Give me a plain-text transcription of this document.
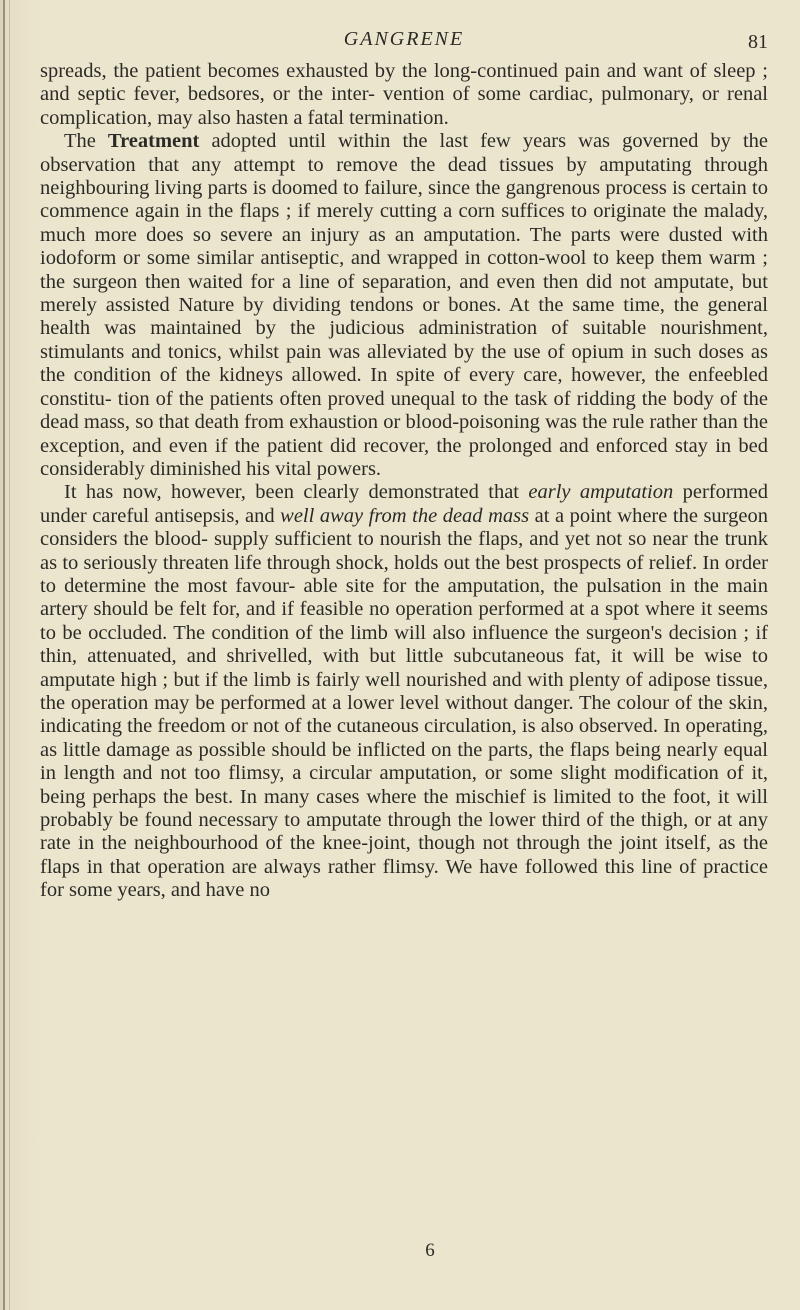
GANGRENE	81

spreads, the patient becomes exhausted by the long-continued pain and want of sleep ; and septic fever, bedsores, or the inter- vention of some cardiac, pulmonary, or renal complication, may also hasten a fatal termination.

The Treatment adopted until within the last few years was governed by the observation that any attempt to remove the dead tissues by amputating through neighbouring living parts is doomed to failure, since the gangrenous process is certain to commence again in the flaps ; if merely cutting a corn suffices to originate the malady, much more does so severe an injury as an amputation. The parts were dusted with iodoform or some similar antiseptic, and wrapped in cotton-wool to keep them warm ; the surgeon then waited for a line of separation, and even then did not amputate, but merely assisted Nature by dividing tendons or bones. At the same time, the general health was maintained by the judicious administration of suitable nourishment, stimulants and tonics, whilst pain was alleviated by the use of opium in such doses as the condition of the kidneys allowed. In spite of every care, however, the enfeebled constitu- tion of the patients often proved unequal to the task of ridding the body of the dead mass, so that death from exhaustion or blood-poisoning was the rule rather than the exception, and even if the patient did recover, the prolonged and enforced stay in bed considerably diminished his vital powers.

It has now, however, been clearly demonstrated that early amputation performed under careful antisepsis, and well away from the dead mass at a point where the surgeon considers the blood- supply sufficient to nourish the flaps, and yet not so near the trunk as to seriously threaten life through shock, holds out the best prospects of relief. In order to determine the most favour- able site for the amputation, the pulsation in the main artery should be felt for, and if feasible no operation performed at a spot where it seems to be occluded. The condition of the limb will also influence the surgeon's decision ; if thin, attenuated, and shrivelled, with but little subcutaneous fat, it will be wise to amputate high ; but if the limb is fairly well nourished and with plenty of adipose tissue, the operation may be performed at a lower level without danger. The colour of the skin, indicating the freedom or not of the cutaneous circulation, is also observed. In operating, as little damage as possible should be inflicted on the parts, the flaps being nearly equal in length and not too flimsy, a circular amputation, or some slight modification of it, being perhaps the best. In many cases where the mischief is limited to the foot, it will probably be found necessary to amputate through the lower third of the thigh, or at any rate in the neighbourhood of the knee-joint, though not through the joint itself, as the flaps in that operation are always rather flimsy. We have followed this line of practice for some years, and have no

6
